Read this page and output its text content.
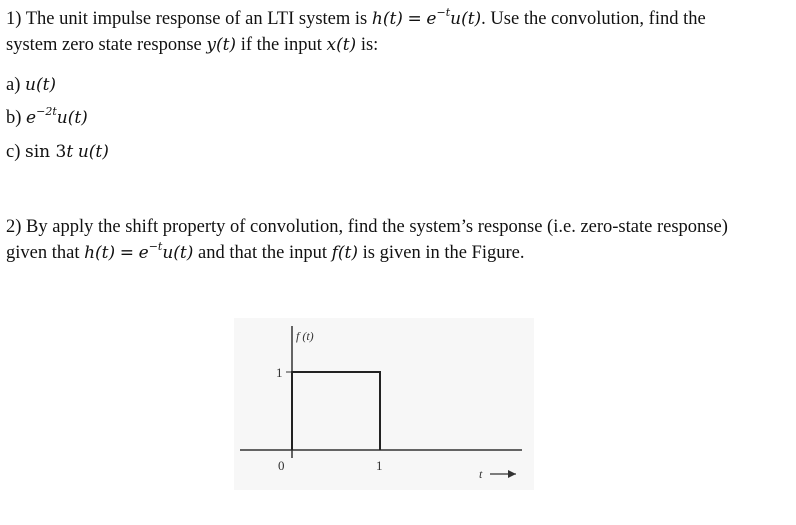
1) The unit impulse response of an LTI system is $h(t) = e^{-t}u(t)$. Use the convolution, find the
system zero state response y(t) if the input x(t) is:

a) u(t)
b) $e^{-2t}u(t)$
c) sin 3t u(t)

2) By apply the shift property of convolution, find the system’s response (i.e. zero-state response)
given that $h(t) = e^{-t}u(t)$ and that the input f(t) is given in the Figure.

f (t)
1
0	1
t
